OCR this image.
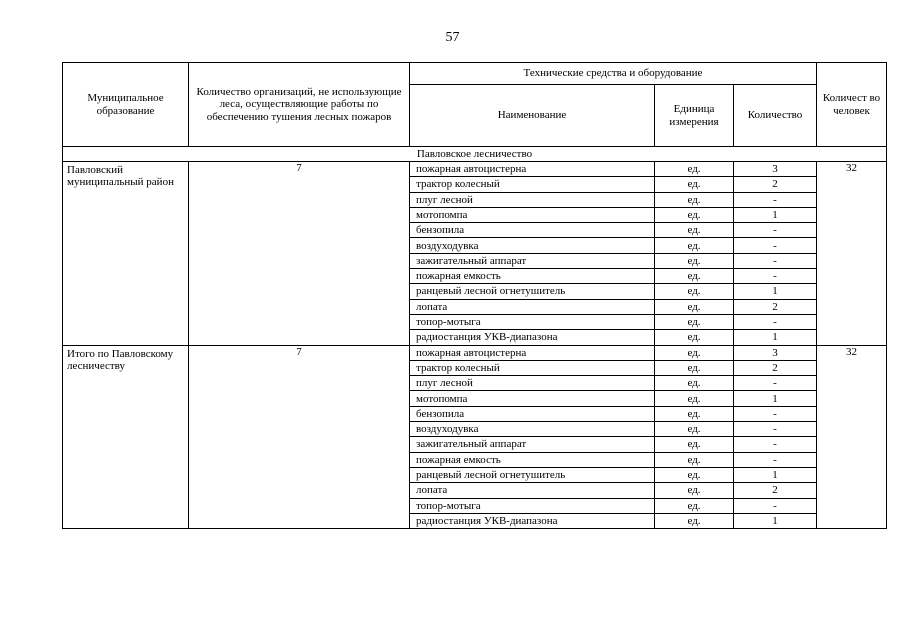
57
Муниципальное образование	Количество организаций, не использующие леса, осуществляющие работы по обеспечению тушения лесных пожаров	Технические средства и оборудование			Количест во человек
		Наименование	Единица измерения	Количество	
Павловское лесничество					
Павловский муниципальный район	7	пожарная автоцистерна	ед.	3	32
		трактор колесный	ед.	2	
		плуг лесной	ед.	-	
		мотопомпа	ед.	1	
		бензопила	ед.	-	
		воздуходувка	ед.	-	
		зажигательный аппарат	ед.	-	
		пожарная емкость	ед.	-	
		ранцевый лесной огнетушитель	ед.	1	
		лопата	ед.	2	
		топор-мотыга	ед.	-	
		радиостанция УКВ-диапазона	ед.	1	
Итого по Павловскому лесничеству	7	пожарная автоцистерна	ед.	3	32
		трактор колесный	ед.	2	
		плуг лесной	ед.	-	
		мотопомпа	ед.	1	
		бензопила	ед.	-	
		воздуходувка	ед.	-	
		зажигательный аппарат	ед.	-	
		пожарная емкость	ед.	-	
		ранцевый лесной огнетушитель	ед.	1	
		лопата	ед.	2	
		топор-мотыга	ед.	-	
		радиостанция УКВ-диапазона	ед.	1	
